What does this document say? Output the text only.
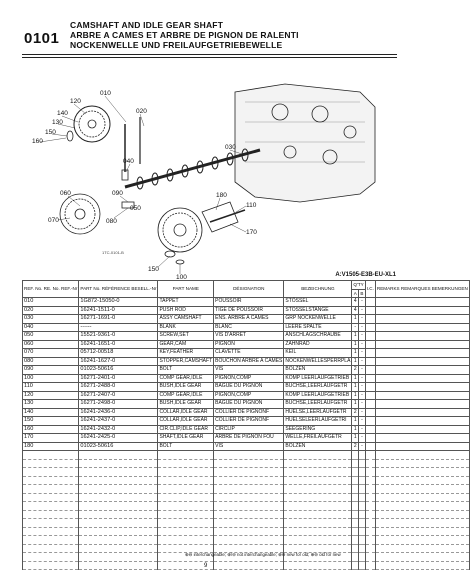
0101
CAMSHAFT AND IDLE GEAR SHAFT
ARBRE A CAMES ET ARBRE DE PIGNON DE RALENTI
NOCKENWELLE UND FREILAUFGETRIEBEWELLE
120
140
130
150
160
010
020
030
040
060
070
090
080
180
110
170
150
100
050
1TC-0101-B
A:V1505-E3B-EU-XL1
REF. No. RE. No. REF.-Nr	PART No. RÉFÉRENCE BESELL.-Nr	PART NAME	DÉSIGNATION	BEZEICHNUNG	Q'TY		I.C.	REMARKS REMARQUES BEMERKUNGEN
					A	B		
010	1G872-15050-0	TAPPET	POUSSOIR	STÖSSEL	4	-		
020	16241-1511-0	PUSH ROD	TIGE DE POUSSOIR	STOSSELSTANGE	4	-		
030	16271-1691-0	ASSY CAMSHAFT	ENS. ARBRE A CAMES	GRP NOCKENWELLE	1	-		
040	------	BLANK	BLANC	LEERE SPALTE	-	-		
050	15521-9361-0	SCREW,SET	VIS D'ARRET	ANSCHLAGSCHRAUBE	1	-		
060	16241-1651-0	GEAR,CAM	PIGNON	ZAHNRAD	1	-		
070	05712-00518	KEY,FEATHER	CLAVETTE	KEIL	1	-		
080	16241-1627-0	STOPPER,CAMSHAFT	BOUCHON ARBRE A CAMES	NOCKENWELLESPERRPLA	1	-		
090	01023-50616	BOLT	VIS	BOLZEN	2	-		
100	16271-2401-0	COMP GEAR,IDLE	PIGNON,COMP	KOMP LEERLAUFGETRIEB	1	-		
110	16271-2488-0	BUSH,IDLE GEAR	BAGUE DU PIGNON	BUCHSE,LEERLAUFGETR	1	-		
120	16271-2407-0	COMP GEAR,IDLE	PIGNON,COMP	KOMP LEERLAUFGETRIEB	1	-		
130	16271-2498-0	BUSH,IDLE GEAR	BAGUE DU PIGNON	BUCHSE,LEERLAUFGETR	1	-		
140	16241-2436-0	COLLAR,IDLE GEAR	COLLIER DE PIGNONF	HUELSE,LEERLAUFGETR	2	-		
150	16241-2437-0	COLLAR,IDLE GEAR	COLLIER DE PIGNONF	HUELSELEERLAUFGETRI	1	-		
160	16241-2432-0	CIR.CLIP,IDLE GEAR	CIRCLIP	SEEGERING	1	-		
170	16241-2425-0	SHAFT,IDLE GEAR	ARBRE DE PIGNON FOU	WELLE,FREILAUFGETR	1	-		
180	01023-50616	BOLT	VIS	BOLZEN	2	-		

⊕⊖ interchangeable; ⊕/⊖ not interchangeable; ⊕⊖ new for old; ⊕⊖ old for new
9
